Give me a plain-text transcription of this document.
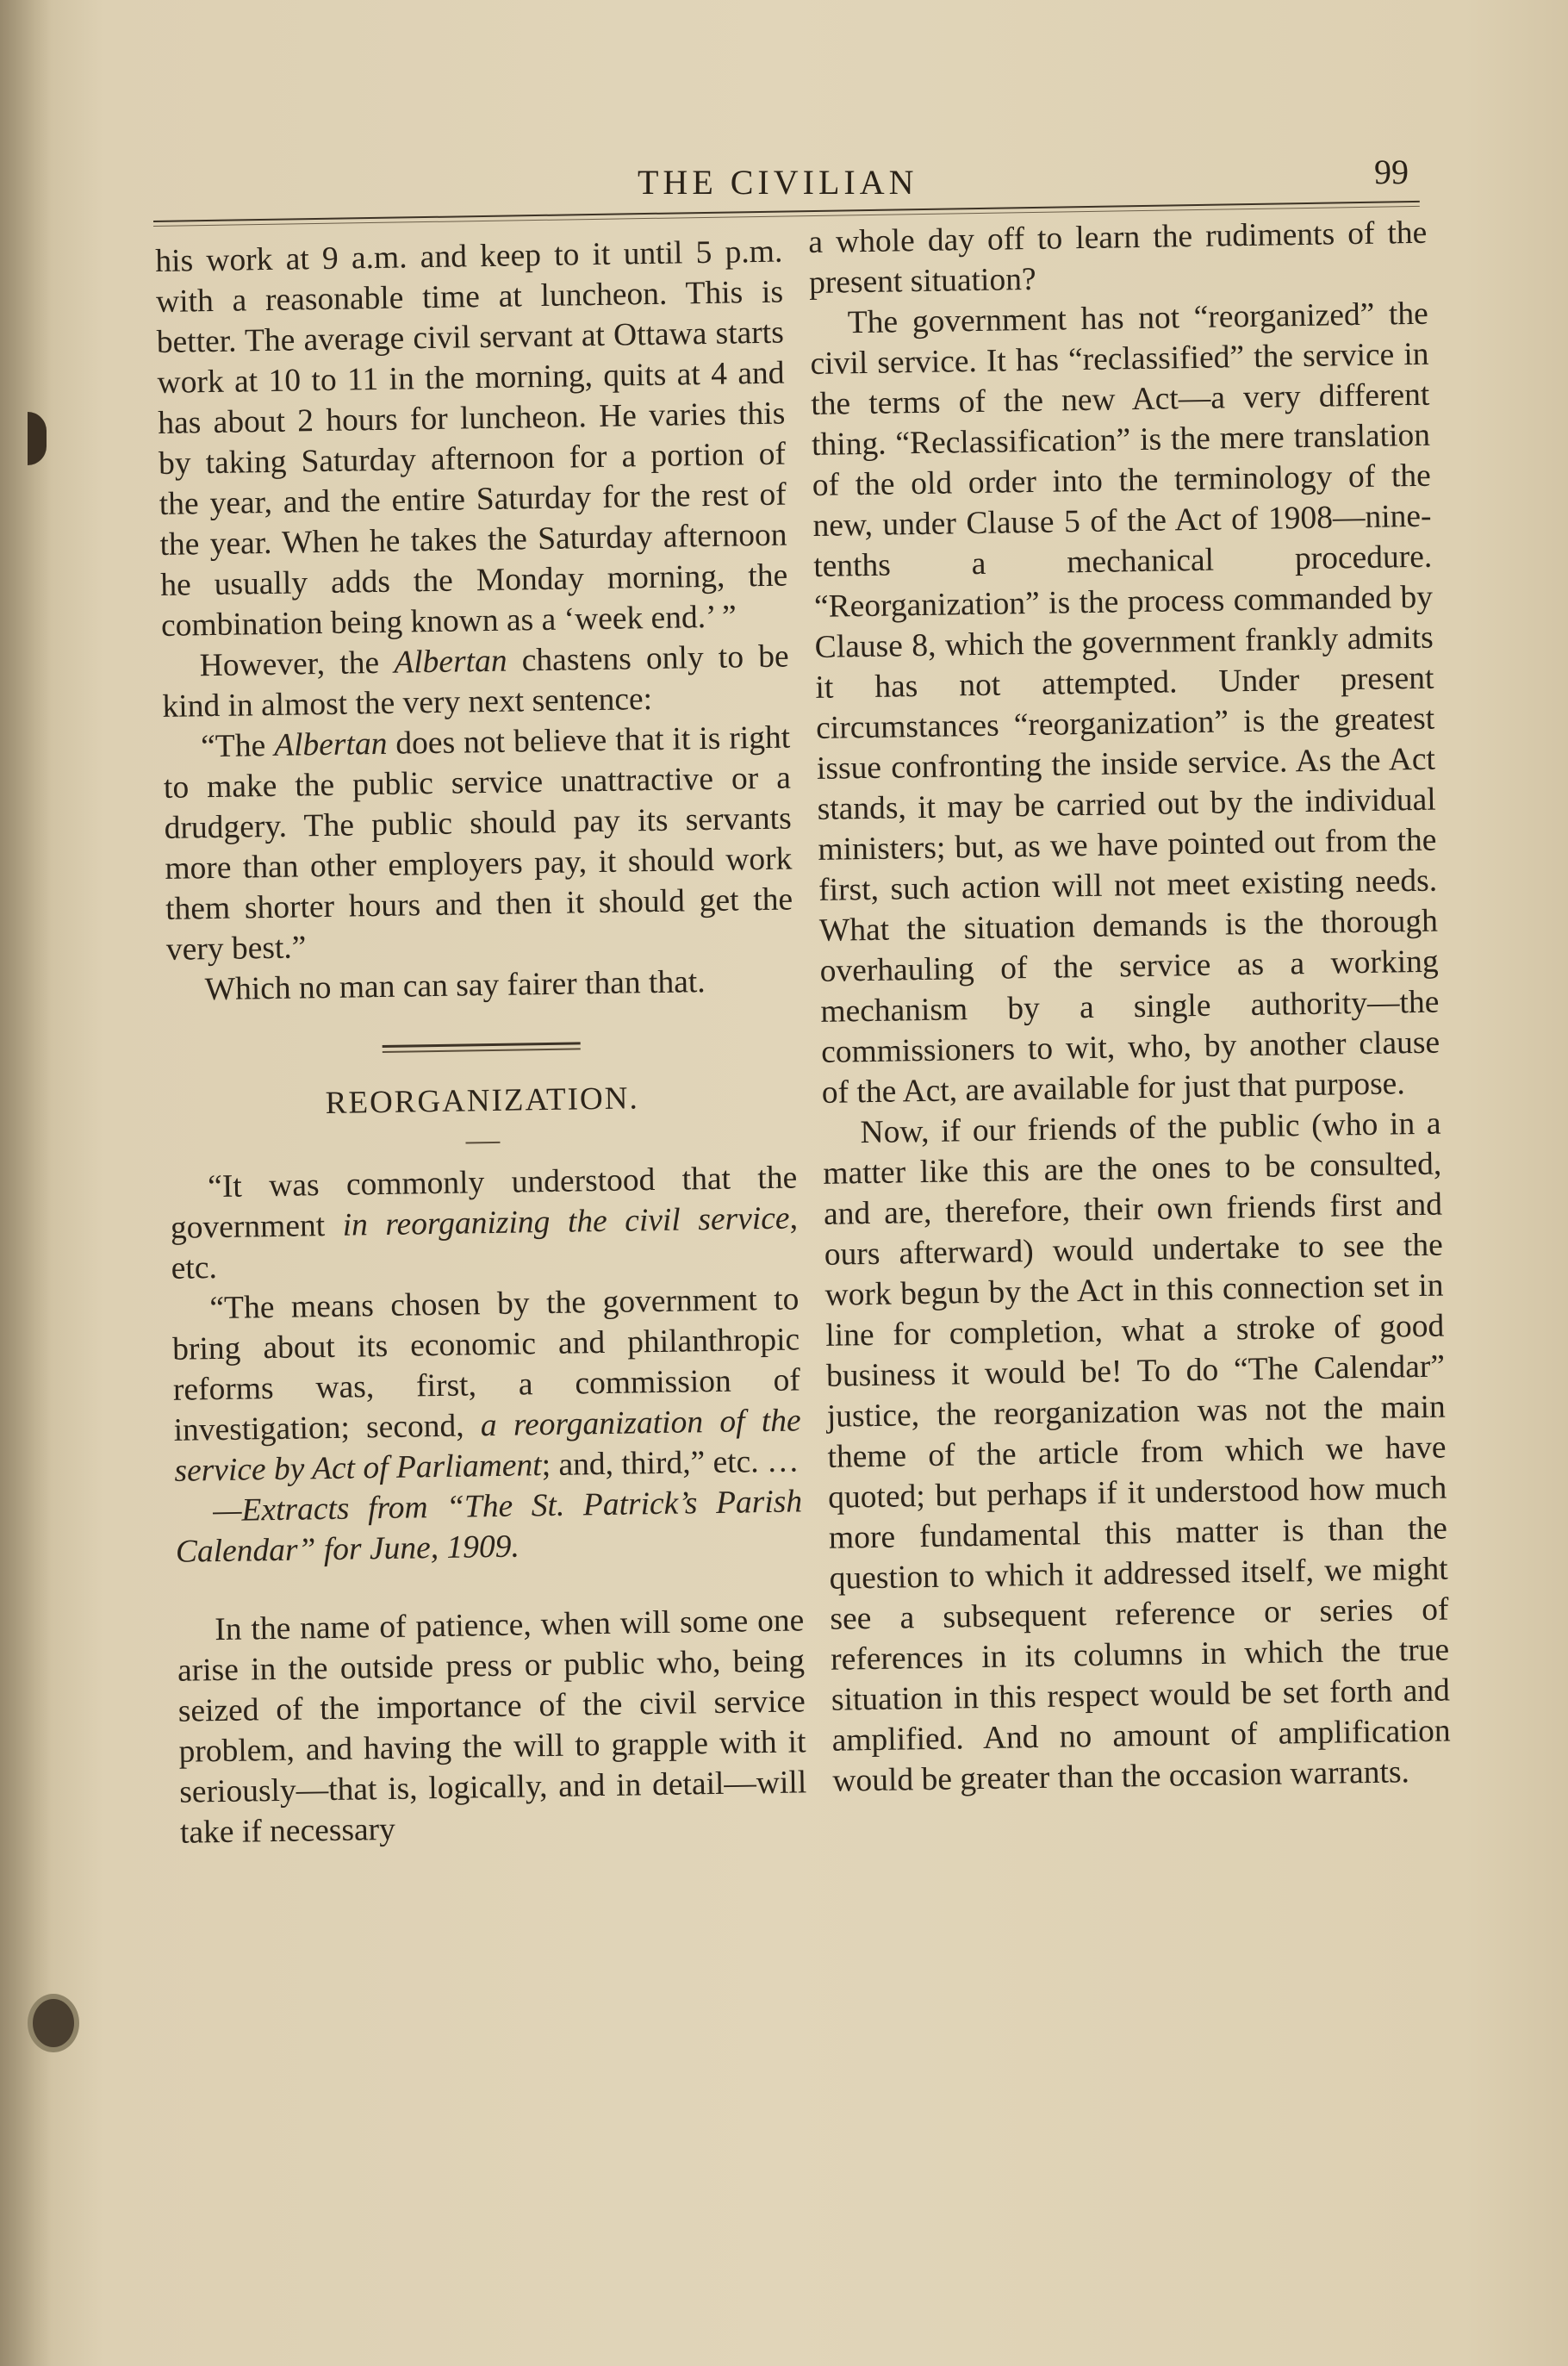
THE CIVILIAN	99

his work at 9 a.m. and keep to it until 5 p.m. with a reasonable time at luncheon. This is better. The average civil servant at Ottawa starts work at 10 to 11 in the morning, quits at 4 and has about 2 hours for luncheon. He varies this by taking Saturday afternoon for a portion of the year, and the entire Saturday for the rest of the year. When he takes the Saturday afternoon he usually adds the Monday morning, the combination being known as a ‘week end.’ ”

However, the Albertan chastens only to be kind in almost the very next sentence:

“The Albertan does not believe that it is right to make the public service unattractive or a drudgery. The public should pay its servants more than other employers pay, it should work them shorter hours and then it should get the very best.”

Which no man can say fairer than that.

REORGANIZATION.

“It was commonly understood that the government in reorganizing the civil service, etc.

“The means chosen by the government to bring about its economic and philanthropic reforms was, first, a commission of investigation; second, a reorganization of the service by Act of Parliament; and, third,” etc. …

—Extracts from “The St. Patrick’s Parish Calendar” for June, 1909.

In the name of patience, when will some one arise in the outside press or public who, being seized of the importance of the civil service problem, and having the will to grapple with it seriously—that is, logically, and in detail—will take if necessary

a whole day off to learn the rudiments of the present situation?

The government has not “reorganized” the civil service. It has “reclassified” the service in the terms of the new Act—a very different thing. “Reclassification” is the mere translation of the old order into the terminology of the new, under Clause 5 of the Act of 1908—nine-tenths a mechanical procedure. “Reorganization” is the process commanded by Clause 8, which the government frankly admits it has not attempted. Under present circumstances “reorganization” is the greatest issue confronting the inside service. As the Act stands, it may be carried out by the individual ministers; but, as we have pointed out from the first, such action will not meet existing needs. What the situation demands is the thorough overhauling of the service as a working mechanism by a single authority—the commissioners to wit, who, by another clause of the Act, are available for just that purpose.

Now, if our friends of the public (who in a matter like this are the ones to be consulted, and are, therefore, their own friends first and ours afterward) would undertake to see the work begun by the Act in this connection set in line for completion, what a stroke of good business it would be! To do “The Calendar” justice, the reorganization was not the main theme of the article from which we have quoted; but perhaps if it understood how much more fundamental this matter is than the question to which it addressed itself, we might see a subsequent reference or series of references in its columns in which the true situation in this respect would be set forth and amplified. And no amount of amplification would be greater than the occasion warrants.
